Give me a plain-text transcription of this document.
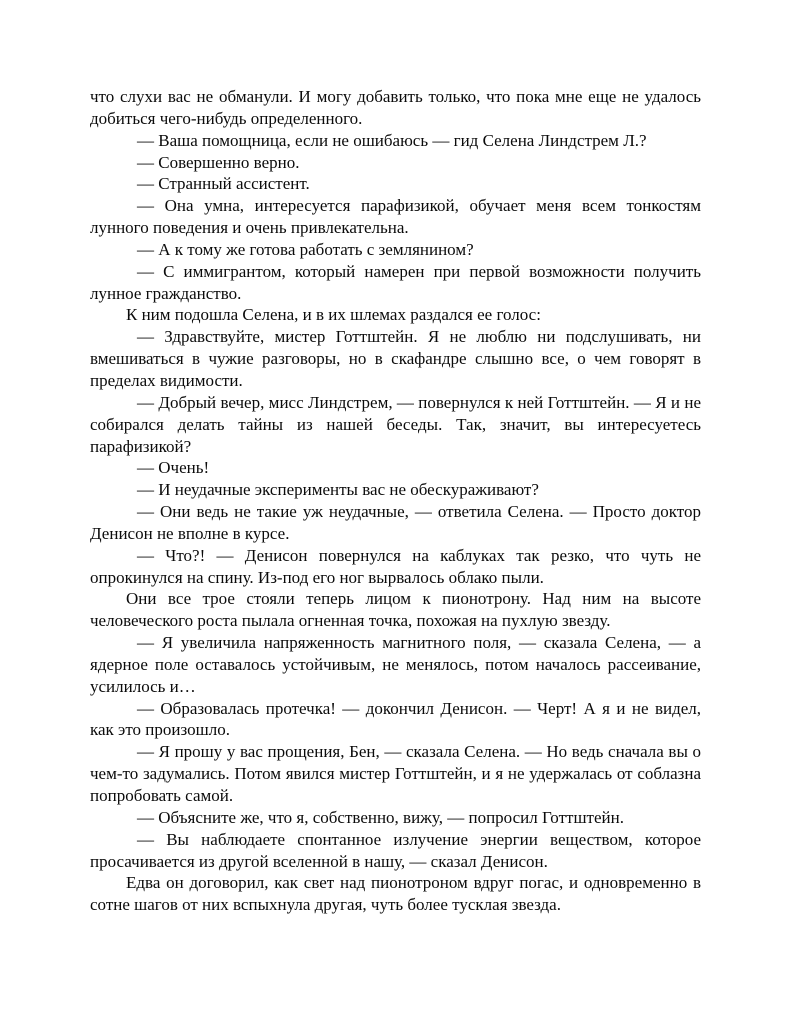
что слухи вас не обманули. И могу добавить только, что пока мне еще не удалось добиться чего-нибудь определенного.

— Ваша помощница, если не ошибаюсь — гид Селена Линдстрем Л.?

— Совершенно верно.

— Странный ассистент.

— Она умна, интересуется парафизикой, обучает меня всем тонкостям лунного поведения и очень привлекательна.

— А к тому же готова работать с землянином?

— С иммигрантом, который намерен при первой возможности получить лунное гражданство.

К ним подошла Селена, и в их шлемах раздался ее голос:

— Здравствуйте, мистер Готтштейн. Я не люблю ни подслушивать, ни вмешиваться в чужие разговоры, но в скафандре слышно все, о чем говорят в пределах видимости.

— Добрый вечер, мисс Линдстрем, — повернулся к ней Готтштейн. — Я и не собирался делать тайны из нашей беседы. Так, значит, вы интересуетесь парафизикой?

— Очень!

— И неудачные эксперименты вас не обескураживают?

— Они ведь не такие уж неудачные, — ответила Селена. — Просто доктор Денисон не вполне в курсе.

— Что?! — Денисон повернулся на каблуках так резко, что чуть не опрокинулся на спину. Из-под его ног вырвалось облако пыли.

Они все трое стояли теперь лицом к пионотрону. Над ним на высоте человеческого роста пылала огненная точка, похожая на пухлую звезду.

— Я увеличила напряженность магнитного поля, — сказала Селена, — а ядерное поле оставалось устойчивым, не менялось, потом началось рассеивание, усилилось и…

— Образовалась протечка! — докончил Денисон. — Черт! А я и не видел, как это произошло.

— Я прошу у вас прощения, Бен, — сказала Селена. — Но ведь сначала вы о чем-то задумались. Потом явился мистер Готтштейн, и я не удержалась от соблазна попробовать самой.

— Объясните же, что я, собственно, вижу, — попросил Готтштейн.

— Вы наблюдаете спонтанное излучение энергии веществом, которое просачивается из другой вселенной в нашу, — сказал Денисон.

Едва он договорил, как свет над пионотроном вдруг погас, и одновременно в сотне шагов от них вспыхнула другая, чуть более тусклая звезда.
